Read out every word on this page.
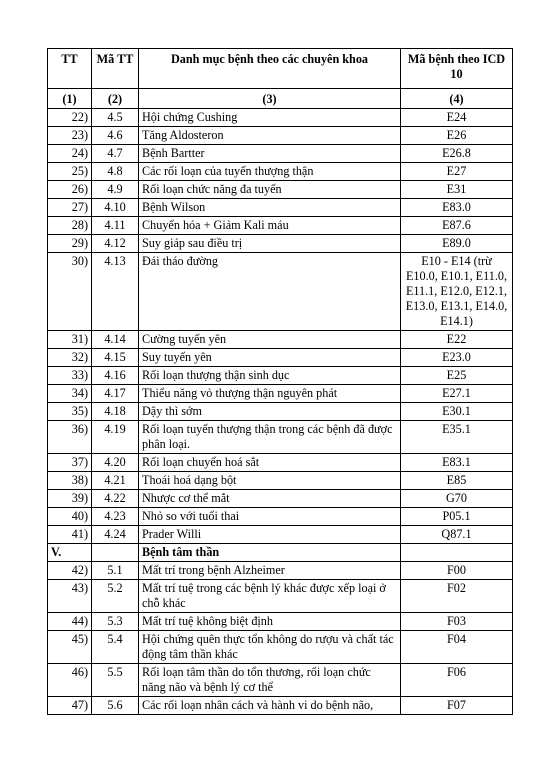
TT	Mã TT	Danh mục bệnh theo các chuyên khoa	Mã bệnh theo ICD 10
(1)	(2)	(3)	(4)
22)	4.5	Hội chứng Cushing	E24
23)	4.6	Tăng Aldosteron	E26
24)	4.7	Bệnh Bartter	E26.8
25)	4.8	Các rối loạn của tuyến thượng thận	E27
26)	4.9	Rối loạn chức năng đa tuyến	E31
27)	4.10	Bệnh Wilson	E83.0
28)	4.11	Chuyển hóa + Giảm Kali máu	E87.6
29)	4.12	Suy giáp sau điều trị	E89.0
30)	4.13	Đái tháo đường	E10 - E14 (trừ E10.0, E10.1, E11.0, E11.1, E12.0, E12.1, E13.0, E13.1, E14.0, E14.1)
31)	4.14	Cường tuyến yên	E22
32)	4.15	Suy tuyến yên	E23.0
33)	4.16	Rối loạn thượng thận sinh dục	E25
34)	4.17	Thiểu năng vỏ thượng thận nguyên phát	E27.1
35)	4.18	Dậy thì sớm	E30.1
36)	4.19	Rối loạn tuyến thượng thận trong các bệnh đã được phân loại.	E35.1
37)	4.20	Rối loạn chuyển hoá sắt	E83.1
38)	4.21	Thoái hoá dạng bột	E85
39)	4.22	Nhược cơ thể mắt	G70
40)	4.23	Nhỏ so với tuổi thai	P05.1
41)	4.24	Prader Willi	Q87.1
V.		Bệnh tâm thần	
42)	5.1	Mất trí trong bệnh Alzheimer	F00
43)	5.2	Mất trí tuệ trong các bệnh lý khác được xếp loại ở chỗ khác	F02
44)	5.3	Mất trí tuệ không biệt định	F03
45)	5.4	Hội chứng quên thực tổn không do rượu và chất tác động tâm thần khác	F04
46)	5.5	Rối loạn tâm thần do tổn thương, rối loạn chức năng não và bệnh lý cơ thể	F06
47)	5.6	Các rối loạn nhân cách và hành vi do bệnh não,	F07
